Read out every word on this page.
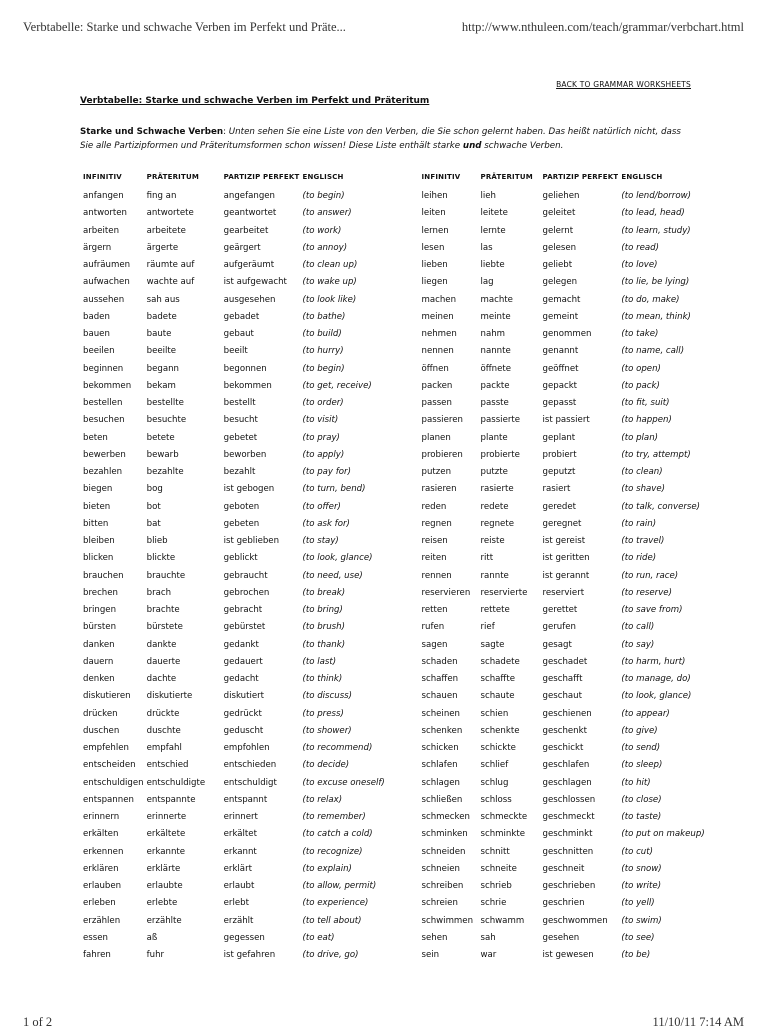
Verbtabelle: Starke und schwache Verben im Perfekt und Präte...	http://www.nthuleen.com/teach/grammar/verbchart.html
BACK TO GRAMMAR WORKSHEETS
Verbtabelle: Starke und schwache Verben im Perfekt und Präteritum

Starke und Schwache Verben: Unten sehen Sie eine Liste von den Verben, die Sie schon gelernt haben. Das heißt natürlich nicht, dass Sie alle Partizipformen und Präteritumsformen schon wissen! Diese Liste enthält starke und schwache Verben.

INFINITIV	PRÄTERITUM	PARTIZIP PERFEKT	ENGLISCH	INFINITIV	PRÄTERITUM	PARTIZIP PERFEKT	ENGLISCH
anfangen	fing an	angefangen	(to begin)	leihen	lieh	geliehen	(to lend/borrow)
antworten	antwortete	geantwortet	(to answer)	leiten	leitete	geleitet	(to lead, head)
arbeiten	arbeitete	gearbeitet	(to work)	lernen	lernte	gelernt	(to learn, study)
ärgern	ärgerte	geärgert	(to annoy)	lesen	las	gelesen	(to read)
aufräumen	räumte auf	aufgeräumt	(to clean up)	lieben	liebte	geliebt	(to love)
aufwachen	wachte auf	ist aufgewacht	(to wake up)	liegen	lag	gelegen	(to lie, be lying)
aussehen	sah aus	ausgesehen	(to look like)	machen	machte	gemacht	(to do, make)
baden	badete	gebadet	(to bathe)	meinen	meinte	gemeint	(to mean, think)
bauen	baute	gebaut	(to build)	nehmen	nahm	genommen	(to take)
beeilen	beeilte	beeilt	(to hurry)	nennen	nannte	genannt	(to name, call)
beginnen	begann	begonnen	(to begin)	öffnen	öffnete	geöffnet	(to open)
bekommen	bekam	bekommen	(to get, receive)	packen	packte	gepackt	(to pack)
bestellen	bestellte	bestellt	(to order)	passen	passte	gepasst	(to fit, suit)
besuchen	besuchte	besucht	(to visit)	passieren	passierte	ist passiert	(to happen)
beten	betete	gebetet	(to pray)	planen	plante	geplant	(to plan)
bewerben	bewarb	beworben	(to apply)	probieren	probierte	probiert	(to try, attempt)
bezahlen	bezahlte	bezahlt	(to pay for)	putzen	putzte	geputzt	(to clean)
biegen	bog	ist gebogen	(to turn, bend)	rasieren	rasierte	rasiert	(to shave)
bieten	bot	geboten	(to offer)	reden	redete	geredet	(to talk, converse)
bitten	bat	gebeten	(to ask for)	regnen	regnete	geregnet	(to rain)
bleiben	blieb	ist geblieben	(to stay)	reisen	reiste	ist gereist	(to travel)
blicken	blickte	geblickt	(to look, glance)	reiten	ritt	ist geritten	(to ride)
brauchen	brauchte	gebraucht	(to need, use)	rennen	rannte	ist gerannt	(to run, race)
brechen	brach	gebrochen	(to break)	reservieren	reservierte	reserviert	(to reserve)
bringen	brachte	gebracht	(to bring)	retten	rettete	gerettet	(to save from)
bürsten	bürstete	gebürstet	(to brush)	rufen	rief	gerufen	(to call)
danken	dankte	gedankt	(to thank)	sagen	sagte	gesagt	(to say)
dauern	dauerte	gedauert	(to last)	schaden	schadete	geschadet	(to harm, hurt)
denken	dachte	gedacht	(to think)	schaffen	schaffte	geschafft	(to manage, do)
diskutieren	diskutierte	diskutiert	(to discuss)	schauen	schaute	geschaut	(to look, glance)
drücken	drückte	gedrückt	(to press)	scheinen	schien	geschienen	(to appear)
duschen	duschte	geduscht	(to shower)	schenken	schenkte	geschenkt	(to give)
empfehlen	empfahl	empfohlen	(to recommend)	schicken	schickte	geschickt	(to send)
entscheiden	entschied	entschieden	(to decide)	schlafen	schlief	geschlafen	(to sleep)
entschuldigen	entschuldigte	entschuldigt	(to excuse oneself)	schlagen	schlug	geschlagen	(to hit)
entspannen	entspannte	entspannt	(to relax)	schließen	schloss	geschlossen	(to close)
erinnern	erinnerte	erinnert	(to remember)	schmecken	schmeckte	geschmeckt	(to taste)
erkälten	erkältete	erkältet	(to catch a cold)	schminken	schminkte	geschminkt	(to put on makeup)
erkennen	erkannte	erkannt	(to recognize)	schneiden	schnitt	geschnitten	(to cut)
erklären	erklärte	erklärt	(to explain)	schneien	schneite	geschneit	(to snow)
erlauben	erlaubte	erlaubt	(to allow, permit)	schreiben	schrieb	geschrieben	(to write)
erleben	erlebte	erlebt	(to experience)	schreien	schrie	geschrien	(to yell)
erzählen	erzählte	erzählt	(to tell about)	schwimmen	schwamm	geschwommen	(to swim)
essen	aß	gegessen	(to eat)	sehen	sah	gesehen	(to see)
fahren	fuhr	ist gefahren	(to drive, go)	sein	war	ist gewesen	(to be)
1 of 2	11/10/11 7:14 AM
